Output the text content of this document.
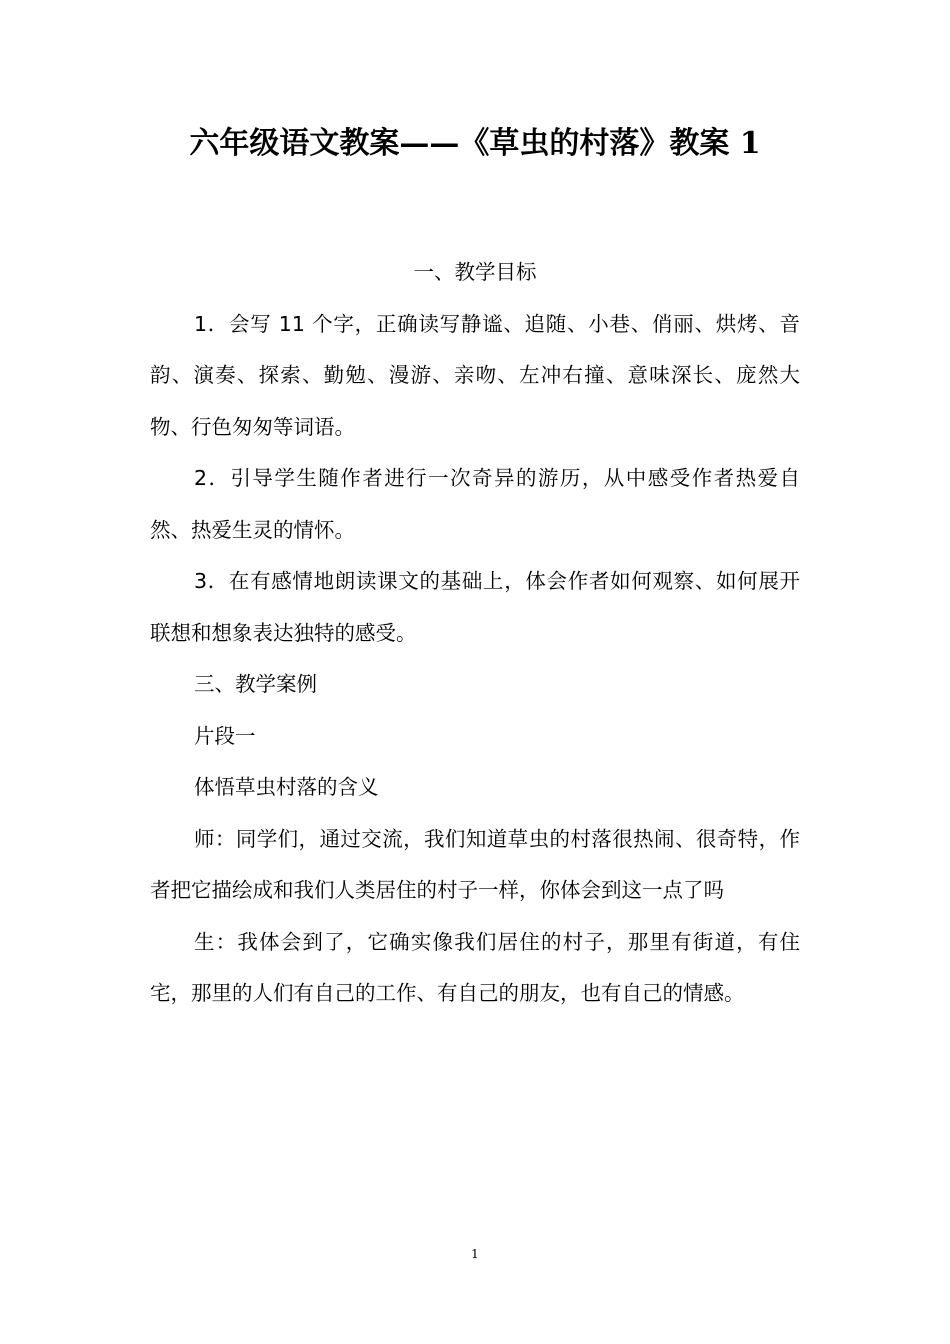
六年级语文教案——《草虫的村落》教案 1

一、教学目标

1．会写 11 个字，正确读写静谧、追随、小巷、俏丽、烘烤、音韵、演奏、探索、勤勉、漫游、亲吻、左冲右撞、意味深长、庞然大物、行色匆匆等词语。

2．引导学生随作者进行一次奇异的游历，从中感受作者热爱自然、热爱生灵的情怀。

3．在有感情地朗读课文的基础上，体会作者如何观察、如何展开联想和想象表达独特的感受。

三、教学案例

片段一

体悟草虫村落的含义

师：同学们，通过交流，我们知道草虫的村落很热闹、很奇特，作者把它描绘成和我们人类居住的村子一样，你体会到这一点了吗

生：我体会到了，它确实像我们居住的村子，那里有街道，有住宅，那里的人们有自己的工作、有自己的朋友，也有自己的情感。

1
